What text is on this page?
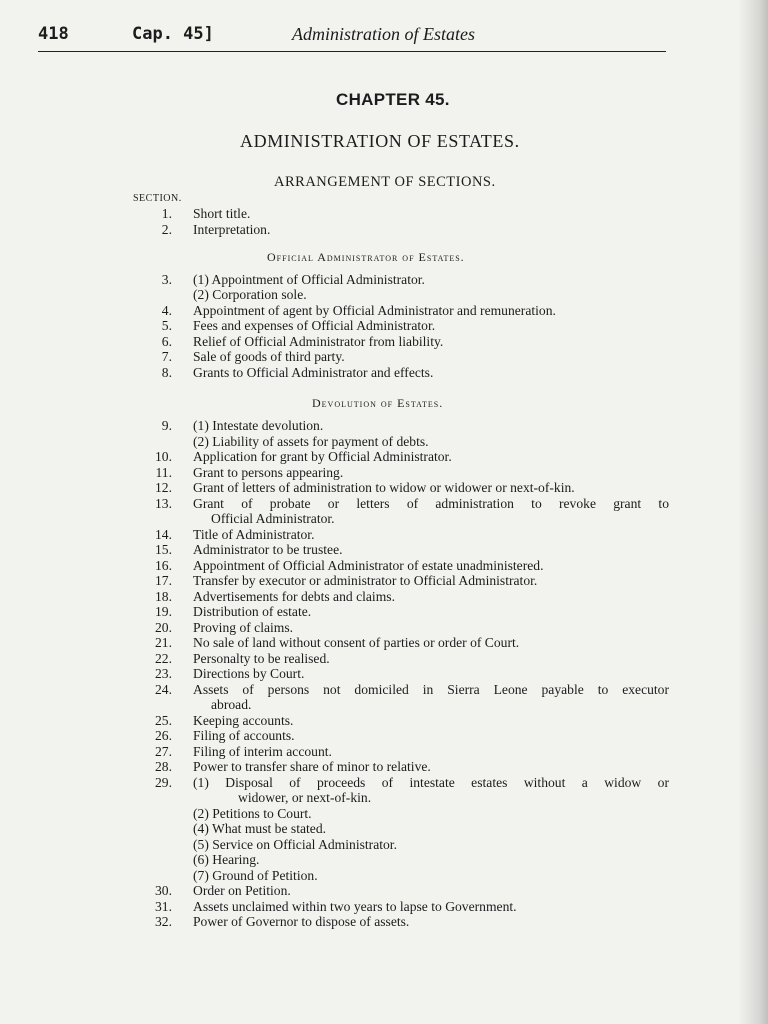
418	Cap. 45]	Administration of Estates
CHAPTER 45.
ADMINISTRATION OF ESTATES.
ARRANGEMENT OF SECTIONS.
SECTION.
Official Administrator of Estates.
Devolution of Estates.
1. Short title.
2. Interpretation.
3. (1) Appointment of Official Administrator.
(2) Corporation sole.
4. Appointment of agent by Official Administrator and remuneration.
5. Fees and expenses of Official Administrator.
6. Relief of Official Administrator from liability.
7. Sale of goods of third party.
8. Grants to Official Administrator and effects.
9. (1) Intestate devolution.
(2) Liability of assets for payment of debts.
10. Application for grant by Official Administrator.
11. Grant to persons appearing.
12. Grant of letters of administration to widow or widower or next-of-kin.
13. Grant of probate or letters of administration to revoke grant to
Official Administrator.
14. Title of Administrator.
15. Administrator to be trustee.
16. Appointment of Official Administrator of estate unadministered.
17. Transfer by executor or administrator to Official Administrator.
18. Advertisements for debts and claims.
19. Distribution of estate.
20. Proving of claims.
21. No sale of land without consent of parties or order of Court.
22. Personalty to be realised.
23. Directions by Court.
24. Assets of persons not domiciled in Sierra Leone payable to executor
abroad.
25. Keeping accounts.
26. Filing of accounts.
27. Filing of interim account.
28. Power to transfer share of minor to relative.
29. (1) Disposal of proceeds of intestate estates without a widow or
widower, or next-of-kin.
(2) Petitions to Court.
(4) What must be stated.
(5) Service on Official Administrator.
(6) Hearing.
(7) Ground of Petition.
30. Order on Petition.
31. Assets unclaimed within two years to lapse to Government.
32. Power of Governor to dispose of assets.
